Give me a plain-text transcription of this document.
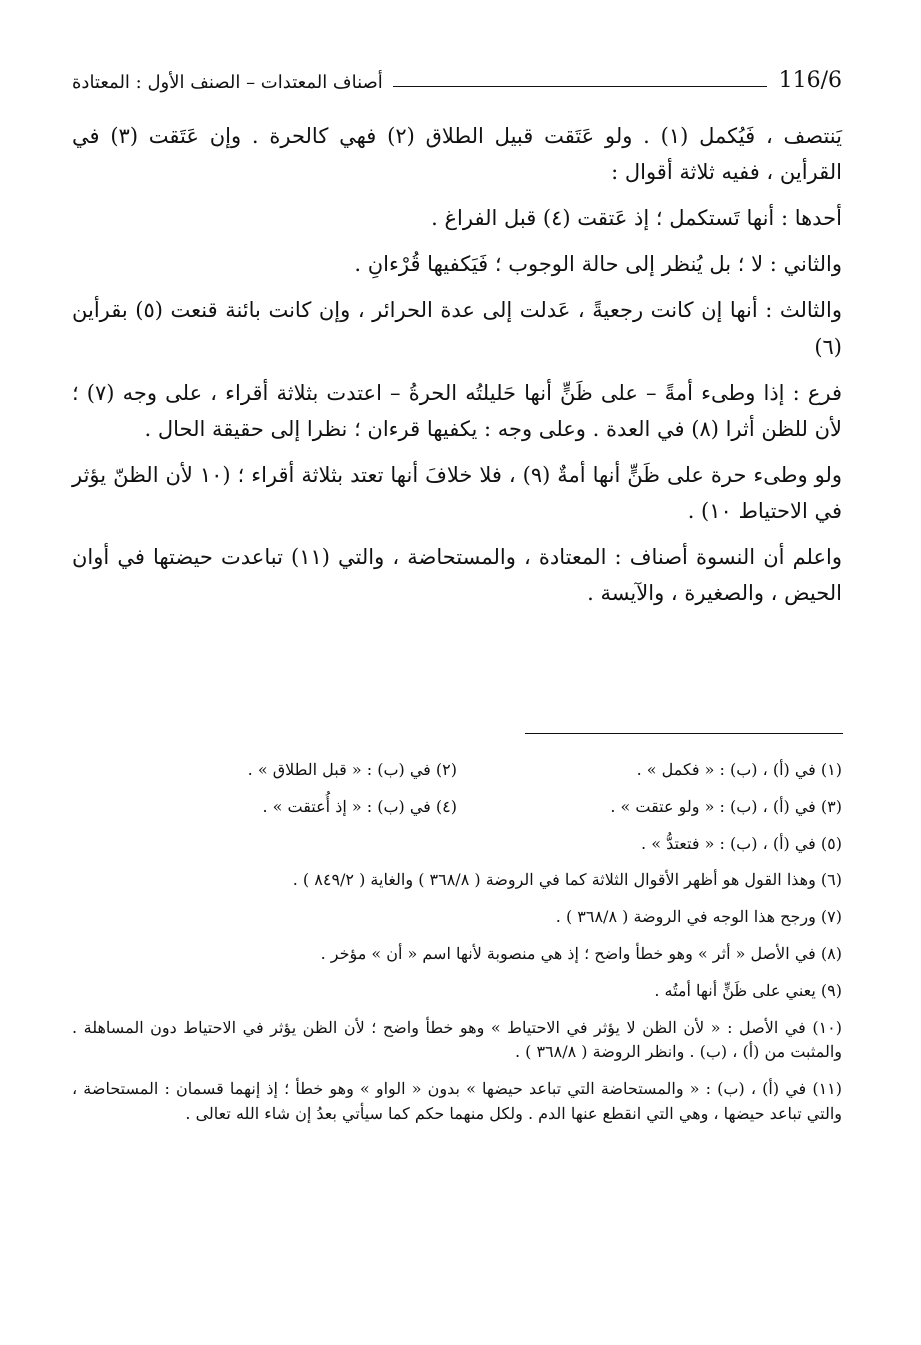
116/6
أصناف المعتدات – الصنف الأول : المعتادة

يَنتصف ، فَيُكمل (١) . ولو عَتَقت قبيل الطلاق (٢) فهي كالحرة . وإن عَتَقت (٣) في القرأين ، ففيه ثلاثة أقوال :

أحدها : أنها تَستكمل ؛ إذ عَتقت (٤) قبل الفراغ .

والثاني : لا ؛ بل يُنظر إلى حالة الوجوب ؛ فَيَكفيها قُرْءانِ .

والثالث : أنها إن كانت رجعيةً ، عَدلت إلى عدة الحرائر ، وإن كانت بائنة قنعت (٥) بقرأين (٦)

فرع : إذا وطىء أمةً – على ظَنٍّ أنها حَليلتُه الحرةُ – اعتدت بثلاثة أقراء ، على وجه (٧) ؛ لأن للظن أثرا (٨) في العدة . وعلى وجه : يكفيها قرءان ؛ نظرا إلى حقيقة الحال .

ولو وطىء حرة على ظَنٍّ أنها أمةٌ (٩) ، فلا خلافَ أنها تعتد بثلاثة أقراء ؛ (١٠ لأن الظنّ يؤثر في الاحتياط ١٠) .

واعلم أن النسوة أصناف : المعتادة ، والمستحاضة ، والتي (١١) تباعدت حيضتها في أوان الحيض ، والصغيرة ، والآيسة .

(١) في (أ) ، (ب) : « فكمل » .
(٢) في (ب) : « قبل الطلاق » .
(٣) في (أ) ، (ب) : « ولو عتقت » .
(٤) في (ب) : « إذ أُعتقت » .
(٥) في (أ) ، (ب) : « فتعتدُّ » .
(٦) وهذا القول هو أظهر الأقوال الثلاثة كما في الروضة ( ٣٦٨/٨ ) والغاية ( ٨٤٩/٢ ) .
(٧) ورجح هذا الوجه في الروضة ( ٣٦٨/٨ ) .
(٨) في الأصل « أثر » وهو خطأ واضح ؛ إذ هي منصوبة لأنها اسم « أن » مؤخر .
(٩) يعني على ظَنٍّ أنها أمتُه .
(١٠) في الأصل : « لأن الظن لا يؤثر في الاحتياط » وهو خطأ واضح ؛ لأن الظن يؤثر في الاحتياط دون المساهلة . والمثبت من (أ) ، (ب) . وانظر الروضة ( ٣٦٨/٨ ) .
(١١) في (أ) ، (ب) : « والمستحاضة التي تباعد حيضها » بدون « الواو » وهو خطأ ؛ إذ إنهما قسمان : المستحاضة ، والتي تباعد حيضها ، وهي التي انقطع عنها الدم . ولكل منهما حكم كما سيأتي بعدُ إن شاء الله تعالى .
